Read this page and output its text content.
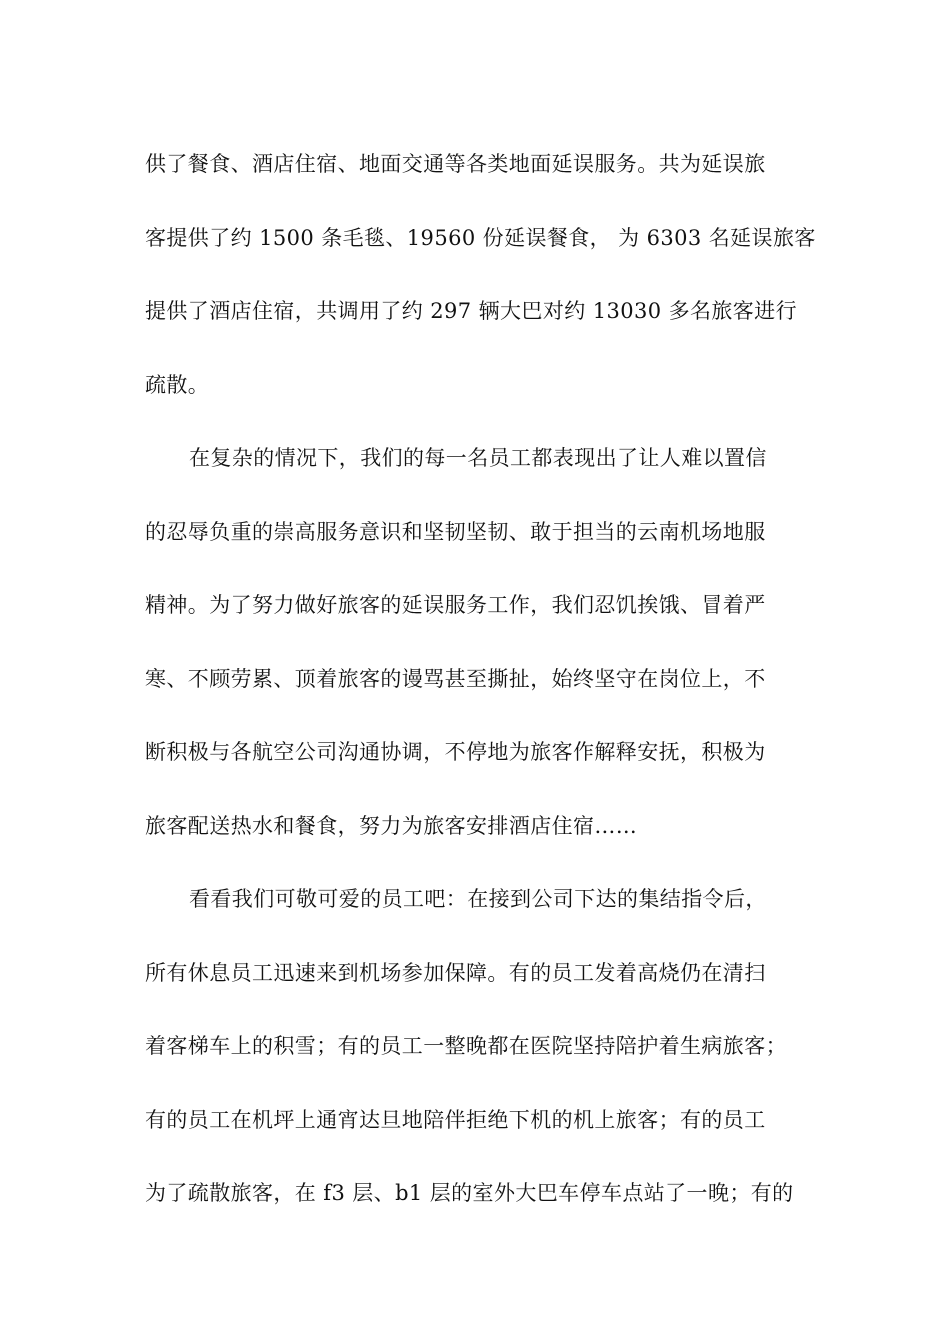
供了餐食、酒店住宿、地面交通等各类地面延误服务。共为延误旅
客提供了约 1500 条毛毯、19560 份延误餐食， 为 6303 名延误旅客
提供了酒店住宿，共调用了约 297 辆大巴对约 13030 多名旅客进行
疏散。
在复杂的情况下，我们的每一名员工都表现出了让人难以置信
的忍辱负重的崇高服务意识和坚韧坚韧、敢于担当的云南机场地服
精神。为了努力做好旅客的延误服务工作，我们忍饥挨饿、冒着严
寒、不顾劳累、顶着旅客的谩骂甚至撕扯，始终坚守在岗位上，不
断积极与各航空公司沟通协调，不停地为旅客作解释安抚，积极为
旅客配送热水和餐食，努力为旅客安排酒店住宿……
看看我们可敬可爱的员工吧：在接到公司下达的集结指令后，
所有休息员工迅速来到机场参加保障。有的员工发着高烧仍在清扫
着客梯车上的积雪；有的员工一整晚都在医院坚持陪护着生病旅客；
有的员工在机坪上通宵达旦地陪伴拒绝下机的机上旅客；有的员工
为了疏散旅客，在 f3 层、b1 层的室外大巴车停车点站了一晚；有的
